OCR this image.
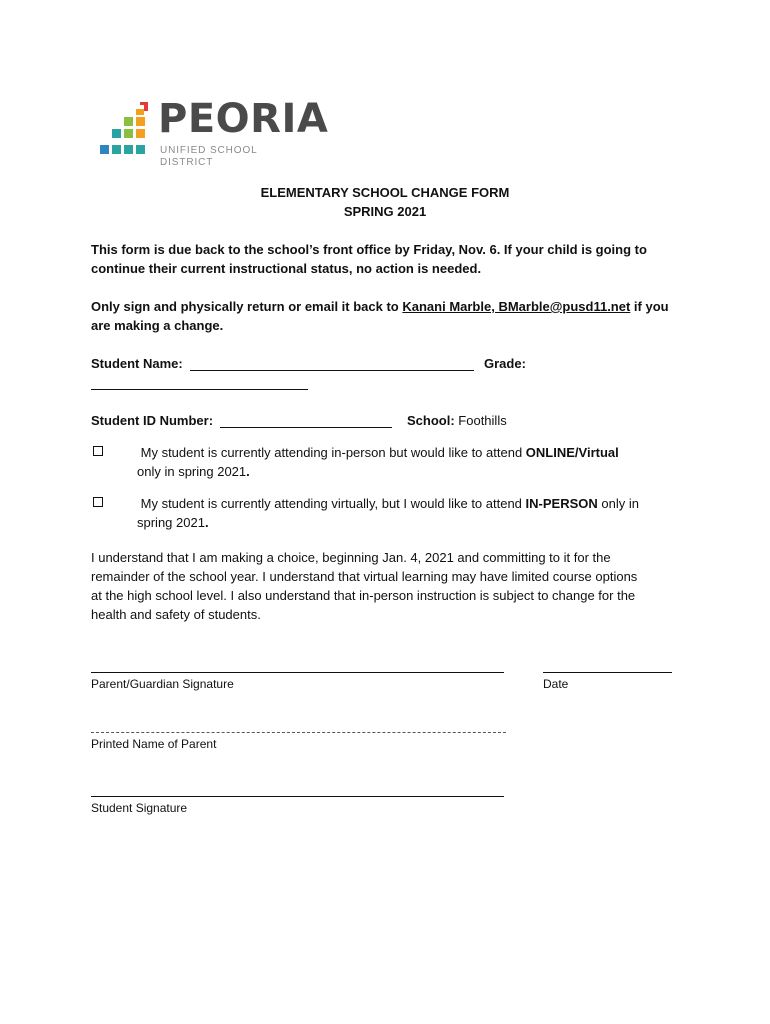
PEORIA
UNIFIED SCHOOL DISTRICT
ELEMENTARY SCHOOL CHANGE FORM
SPRING 2021
This form is due back to the school’s front office by Friday, Nov. 6. If your child is going to
continue their current instructional status, no action is needed.
Only sign and physically return or email it back to Kanani Marble, BMarble@pusd11.net if you
are making a change.
Student Name:	Grade:
Student ID Number:	School: Foothills
My student is currently attending in-person but would like to attend ONLINE/Virtual
only in spring 2021.
My student is currently attending virtually, but I would like to attend IN-PERSON only in
spring 2021.
I understand that I am making a choice, beginning Jan. 4, 2021 and committing to it for the
remainder of the school year. I understand that virtual learning may have limited course options
at the high school level. I also understand that in-person instruction is subject to change for the
health and safety of students.
Parent/Guardian Signature	Date
Printed Name of Parent
Student Signature
